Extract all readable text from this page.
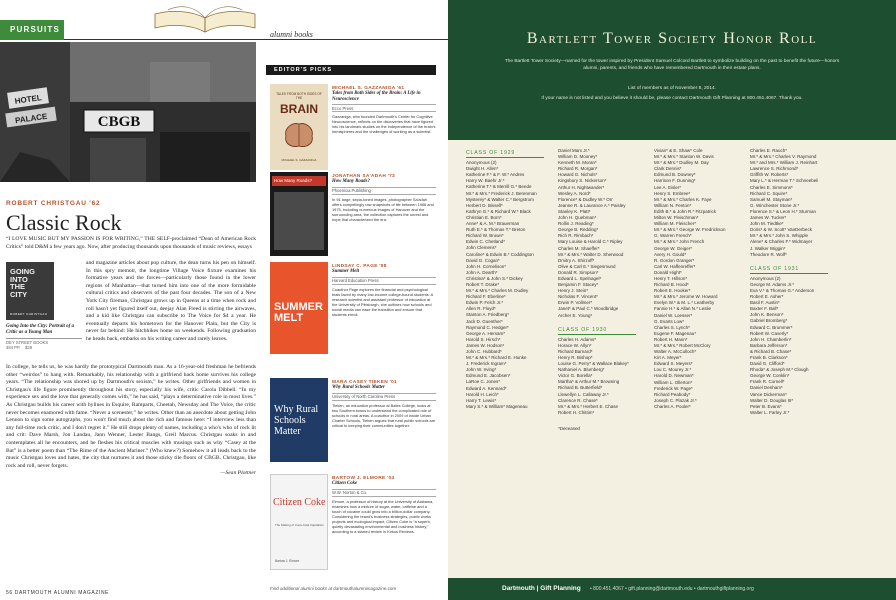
PURSUITS
alumni books
CBGB
HOTEL
PALACE
ROBERT CHRISTGAU '62
Classic Rock

“I LOVE MUSIC BUT MY PASSION IS FOR WRITING,” THE SELF-proclaimed “Dean of American Rock Critics” told D&M a few years ago. Now, after producing thousands upon thousands of music reviews, essays

GOING
INTO
THE
CITY
ROBERT CHRISTGAU
Going Into the City: Portrait of a Critic as a Young Man
DEY STREET BOOKS
384 PP. $28

and magazine articles about pop culture, the dean turns his pen on himself. In this spry memoir, the longtime Village Voice fixture examines his formative years and the forces—particularly those found in the lower regions of Manhattan—that turned him into one of the more formidable cultural critics and observers of the past four decades. The son of a New York City fireman, Christgau grows up in Queens at a time when rock and roll hasn't yet figured itself out, deejay Alan Freed is stirring the airwaves, and a kid like Christgau can subscribe to The Voice for $4 a year. He eventually departs his hometown for the Hanover Plain, but the City is never far behind: He hitchhikes home on weekends. Following graduation he heads back, embarks on his writing career and rarely leaves.

In college, he tells us, he was hardly the prototypical Dartmouth man. As a 16-year-old freshman he befriends other “weirdos” to hang with. Remarkably, his relationship with a girlfriend back home survives his college years. “The relationship was shored up by Dartmouth's sexism,” he writes. Other girlfriends and women in Christgau's life figure prominently throughout his story, especially his wife, critic Carola Dibbell. “In my experience sex and the love that generally comes with,” he has said, “plays a determinative role in most lives.” As Christgau builds his career with bylines in Esquire, Ramparts, Cheetah, Newsday and The Voice, the critic never becomes enamored with fame. “Never a scenester,” he writes. Other than an anecdote about getting John Lennon to sign some autographs, you won't find much about the rich and famous here: “I interview less than any full-time rock critic, and I don't regret it.” He still drops plenty of names, including a who's who of rock lit and crit: Dave Marsh, Jon Landau, Jann Wenner, Lester Bangs, Greil Marcus. Christgau soaks in and contemplates all he encounters, and he fleshes his critical muscles with musings such as why “Casey at the Bat” is a better poem than “The Rime of the Ancient Mariner.” (Who knew?) Somehow it all leads back to the music Christgau loves and hates, the city that nurtures it and those sticky tile floors of CBGB. Christgau, like rock and roll, never forgets.

—Sean Plottner

56 DARTMOUTH ALUMNI MAGAZINE
EDITOR'S PICKS
TALES FROM BOTH SIDES OF THE
BRAIN
MICHAEL S. GAZZANIGA
MICHAEL S. GAZZANIGA '61
Tales from Both Sides of the Brain: A Life in Neuroscience
Ecco Press
Gazzaniga, who founded Dartmouth's Center for Cognitive Neuroscience, reflects on the discoveries that have figured into his landmark studies on the independence of the brain's hemispheres and the challenges of working as a scientist.
How Many Roads?
JONATHAN SA'ADAH '72
How Many Roads?
Phoenicia Publishing
In 91 large, sepia-toned images, photographer Sa'adah offers compellingly raw snapshots of life between 1968 and 1975, including numerous images of Hanover and the surrounding area, the collection captures the unrest and hope that characterized the era.
SUMMER MELT
LINDSAY C. PAGE '98
Summer Melt
Harvard Education Press
Coauthor Page explores the financial and psychological trials faced by many low-income college-bound students. A research scientist and assistant professor of education at the University of Pittsburgh, she outlines how schools and social media can ease the transition and ensure that students enroll.
Why Rural Schools Matter
MARA CASEY TIEKEN '01
Why Rural Schools Matter
University of North Carolina Press
Tieken, an education professor at Bates College, looks at two Southern towns to understand the complicated role of schools in rural areas. A coauthor in 2009 of Inside Urban Charter Schools, Tieken argues that rural public schools are critical to keeping their communities together.
Citizen Coke
The Making of Coca-Cola Capitalism
Bartow J. Elmore
BARTOW J. ELMORE '04
Citizen Coke
W.W. Norton & Co.
Elmore, a professor of history at the University of Alabama, examines how a mixture of sugar, water, caffeine and a touch of cocaine could grow into a billion-dollar company. Considering the brand's business strategies, public works projects and ecological impact, Citizen Coke is “a superb, quietly devastating environmental and business history,” according to a starred review in Kirkus Reviews.
Find additional alumni books at dartmouthalumnimagazine.com
Bartlett Tower Society Honor Roll
The Bartlett Tower Society—named for the tower inspired by President Samuel Colcord Bartlett to symbolize building on the past to benefit the future—honors alumni, parents, and friends who have remembered Dartmouth in their estate plans.
List of members as of November 8, 2014.
If your name is not listed and you believe it should be, please contact Dartmouth Gift Planning at 800.451.4067. Thank you.
CLASS OF 1929
Anonymous (2)
Dwight H. Allen*
Katherine F.* & F. W.* Andres
Harry W. Baehr Jr.*
Katherine T.* & Merrill G.* Beede
Mr.* & Mrs.* Frederick J. Berenman
Mysterey* & Walter C.* Bergstrom
Herbert D. Bissell*
Kathryn G.* & Richard W.* Black
Christian E. Born*
Anne* & A. M.* Brauerman
Ruth E.* & Thomas T.* Breton
Richard W. Brown*
Edwin C. Chetland*
John Clemens*
Caroline* & Edwin B.* Coddington
David G. Cogan*
John H. Cornelison*
John A. Dearth*
Christina* & John S.* Dickey
Robert T. Drake*
Mr.* & Mrs.* Charles M. Dudley
Richard F. Eberline*
Edwin P. Felch Jr.*
Allen R. Floyd*
Stanton A. Friedberg*
Jack D. Guenther*
Raymond C. Hedger*
George A. Hersam*
Harold S. Hirsch*
James W. Hodson*
John C. Hubbard*
Mr.* & Mrs.* Richard E. Hunke
J. Frederick Ingram*
John W. Irving*
Edmund E. Jacobsen*
LaRoe C. Jones*
Edward A. Kennard*
Harold H. Leich*
Harry T. Lewis*
Mary S.* & William* Mageneau
Daniel Marx Jr.*
William D. Mooney*
Kenneth M. Moran*
Richard R. Morgan*
Howard G. Nichols*
Kingsbury S. Nickerson*
Arthur H. Nightwander*
Wesley A. Nord*
Florence* & Dudley W.* Orr
Jeanne R. & Laurance A.* Paisley
Stanley K. Platt*
John H. Quebman*
Rollin J. Reading*
George B. Redding*
Rich R. Rimbach*
Mary Louise & Harold C.* Ripley
Charles M. Shaeffer*
Mr.* & Mrs.* Walter D. Sherwood
Dmitry A. Shirzoff*
Olive & Carl E.* Siegesmund
Donald R. Simpson*
Edward L. Spelnagel*
Benjamin F. Stacey*
Henry J. Stein*
Nicholas F. Vincent*
Erwin P. Vollmer*
Janet* & Paul C.* Woodbridge
Archer E. Young*
CLASS OF 1930
Charles H. Adams*
Horace W. Allyn*
Richard Barnard*
Henry R. Bishop*
Louise G. Perry* & Wallace Blakey*
Nathaniel A. Blumberg*
Victor G. Borella*
Martha* & Arthur M.* Browning
Richard B. Butterfield*
Llewellyn L. Callaway Jr.*
Clarence R. Chase*
Mr.* & Mrs.* Herbert E. Chase
Robert H. Chittim*
*Deceased
Vivian* & E. Shaw* Cole
Mr.* & Mrs.* Stanton W. Davis
Mr.* & Mrs.* Dudley M. Day
Clark Dennis*
Edmund B. Downey*
Harrison F. Dunning*
Lee A. Eisler*
Henry S. Embree*
Mr.* & Mrs.* Charles K. Faye
William N. Fenton*
Edith B.* & John R.* Fitzpatrick
Milton W. Fleischman*
William M. Fleischer*
Mr.* & Mrs.* George W. Fredrickson
G. Warren French*
Mr.* & Mrs.* John French
George W. Geiger*
Avery H. Gould*
R. Gordon Granger*
Carl W. Haffenreffer*
Donald Hight*
Henry T. Hillson*
Richard B. Hood*
Robert E. Hooker*
Mr.* & Mrs.* Jerome W. Howard
Evelyn W.* & M. L.* Leatherby
Fannie H.* & Allan N.* Leslie
Daniel W. Loesser*
G. Evarts Low*
Charles S. Lynch*
Eugene F. Magenau*
Robert H. Mann*
Mr.* & Mrs.* Robert McClory
Walter A. McCulloch*
Kirt A. Meyer*
Edward S. Meyers*
Lou C. Mourey Jr.*
Harold D. Newman*
William L. Ollerton*
Frederick W. Page*
Richard Peabody*
Joseph C. Plazak Jr.*
Charles A. Pooler*
Charles E. Rauch*
Mr.* & Mrs.* Charles V. Raymond
Mr.* and Mrs.* William J. Reinhart
Lawrence S. Richmond*
Griffith W. Roberts*
Mary L.* & Herman T.* Schneebeli
Charles E. Simmons*
Richard C. Squire*
Samuel M. Stayman*
G. Winchester Stone Jr.*
Florence S.* & Leon H.* Sturman
James W. Tucker*
John M. Tiedtke*
Doris* & W. Scott* VanDerbeck
Mr.* & Mrs.* John S. Whipple
Alene* & Charles F.* Widmayer
J. Walker Wiggin*
Theodore R. Wolf*
CLASS OF 1931
Anonymous (2)
George M. Adams Jr.*
Eva V.* & Thomas G.* Anderson
Robert E. Asher*
Basil F. Austin*
Baxter F. Ball*
John K. Benson*
Gabriel Bromberg*
Edward C. Brummer*
Robert W. Caverly*
John H. Chamberlin*
Barbara Jefferson*
& Richard B. Chase*
Frank B. Clarkson*
David G. Clifford*
Rhoda* & Joseph M.* Clough
George W. Conklin*
Frank R. Cornell*
Daniel Denham*
Vance Dickerman*
Walter D. Douglas III*
Peter B. Evans*
Walter L. Farley Jr.*
Dartmouth | Gift Planning • 800.451.4067 • gift.planning@dartmouth.edu • dartmouthgiftplanning.org
